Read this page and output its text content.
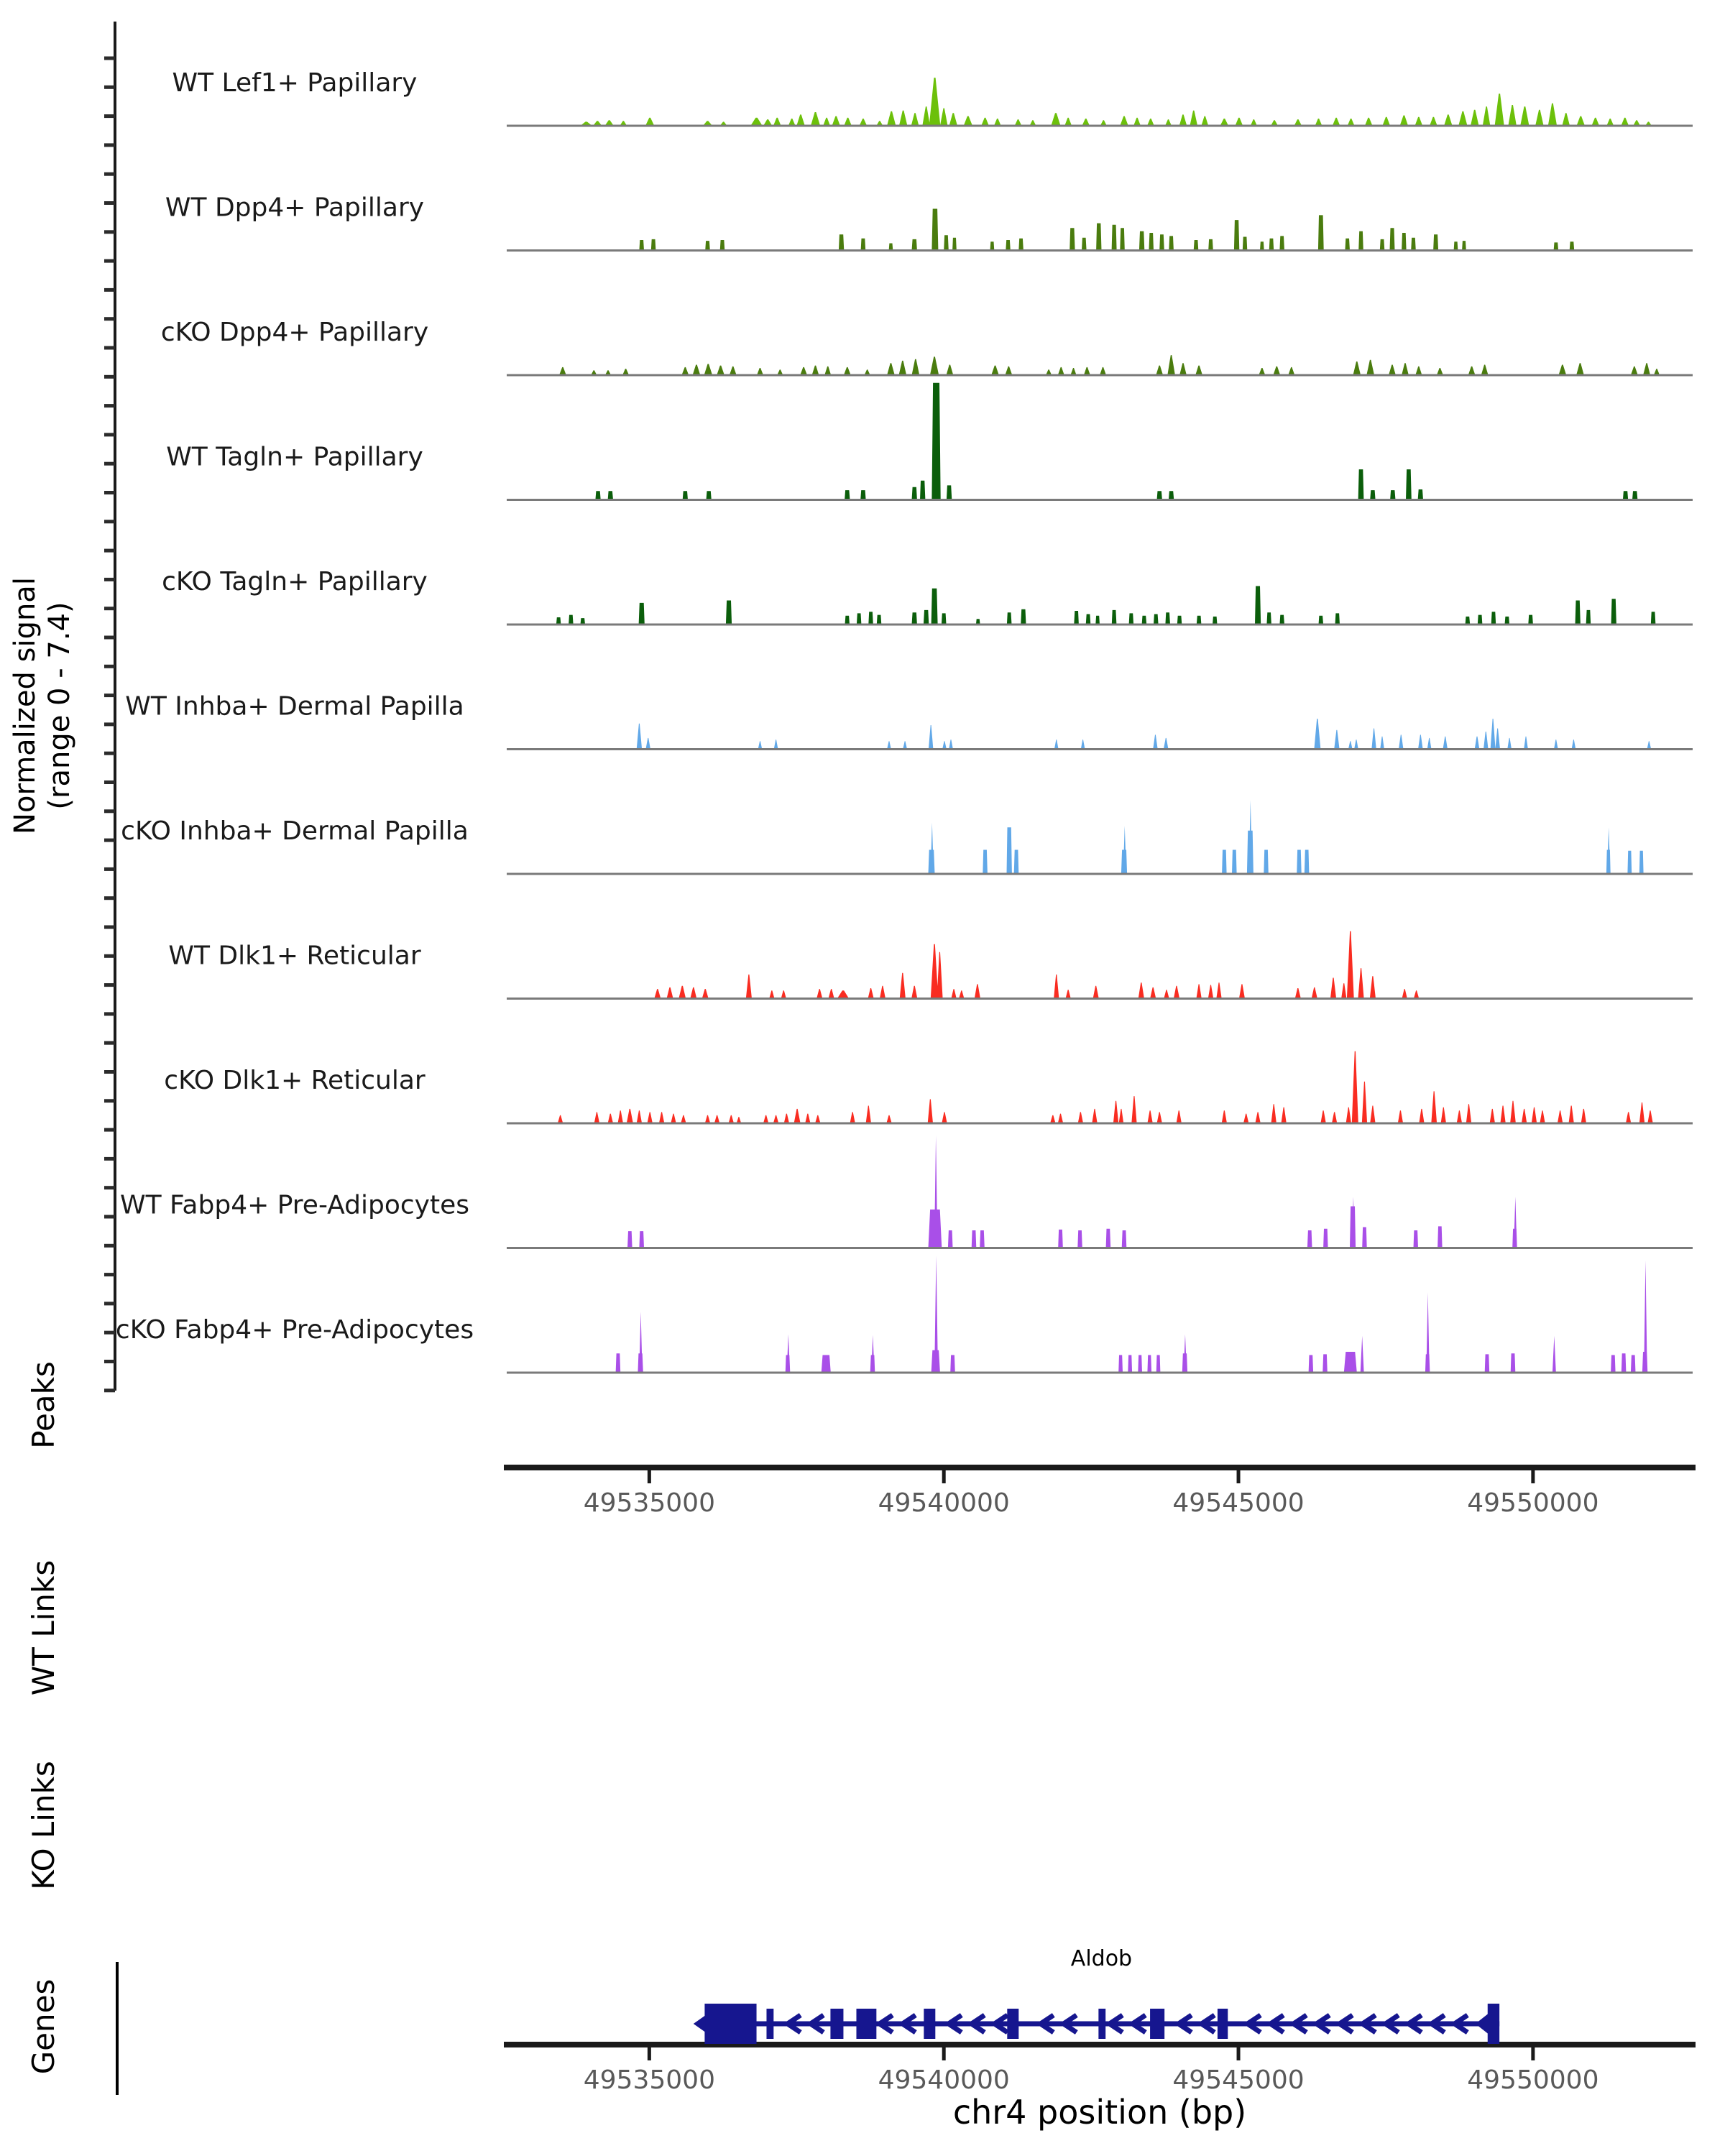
WT Lef1+ Papillary
WT Dpp4+ Papillary
cKO Dpp4+ Papillary
WT Tagln+ Papillary
cKO Tagln+ Papillary
WT Inhba+ Dermal Papilla
cKO Inhba+ Dermal Papilla
WT Dlk1+ Reticular
cKO Dlk1+ Reticular
WT Fabp4+ Pre-Adipocytes
cKO Fabp4+ Pre-Adipocytes
Normalized signal (range 0 - 7.4)
Peaks
WT Links
KO Links
Genes
49535000	49540000	49545000	49550000
49535000	49540000	49545000	49550000
chr4 position (bp)
Aldob
